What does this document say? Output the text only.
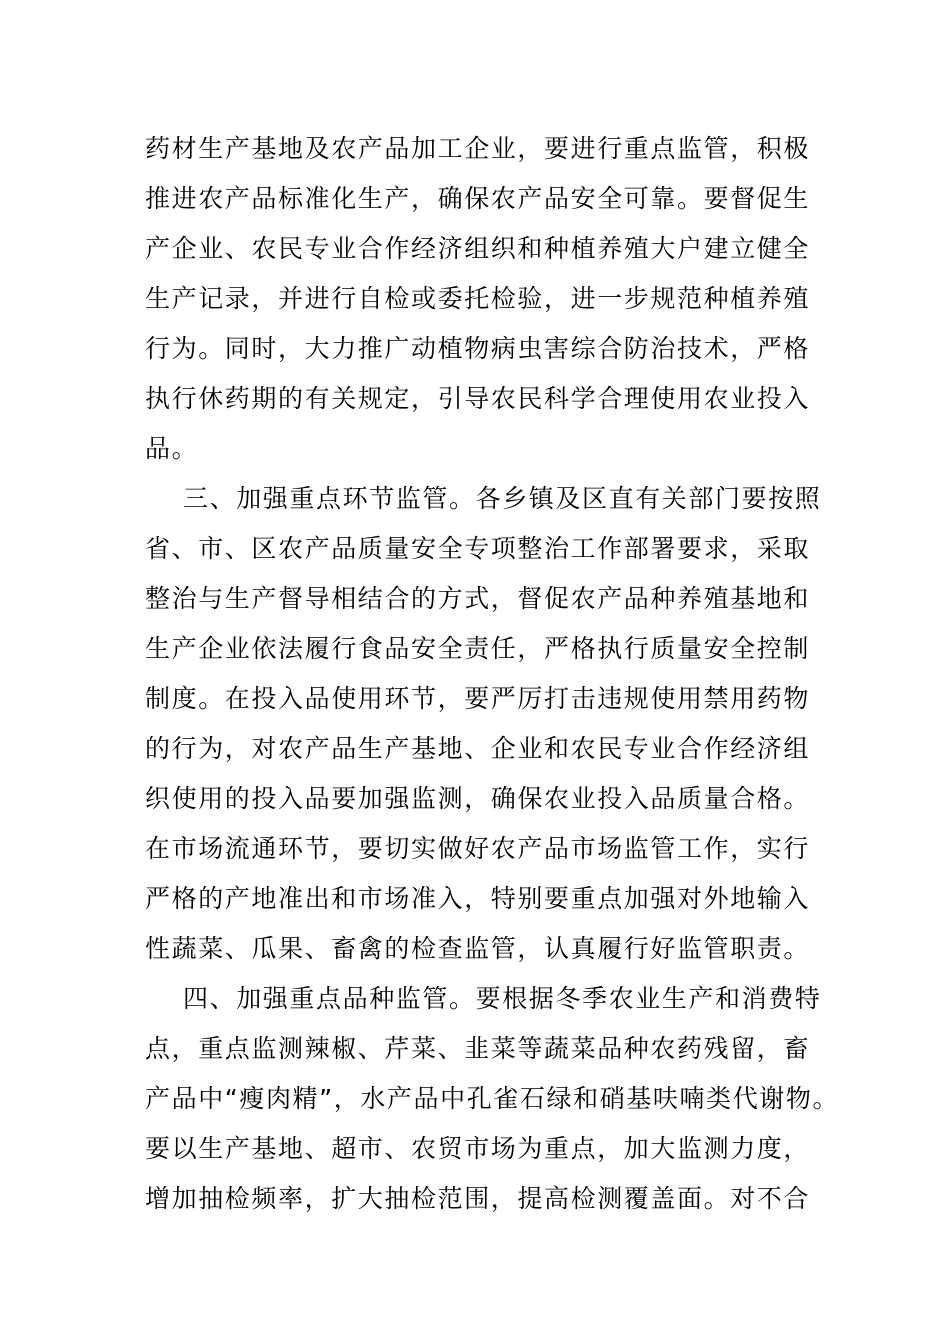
药材生产基地及农产品加工企业，要进行重点监管，积极
推进农产品标准化生产，确保农产品安全可靠。要督促生
产企业、农民专业合作经济组织和种植养殖大户建立健全
生产记录，并进行自检或委托检验，进一步规范种植养殖
行为。同时，大力推广动植物病虫害综合防治技术，严格
执行休药期的有关规定，引导农民科学合理使用农业投入
品。
三、加强重点环节监管。各乡镇及区直有关部门要按照
省、市、区农产品质量安全专项整治工作部署要求，采取
整治与生产督导相结合的方式，督促农产品种养殖基地和
生产企业依法履行食品安全责任，严格执行质量安全控制
制度。在投入品使用环节，要严厉打击违规使用禁用药物
的行为，对农产品生产基地、企业和农民专业合作经济组
织使用的投入品要加强监测，确保农业投入品质量合格。
在市场流通环节，要切实做好农产品市场监管工作，实行
严格的产地准出和市场准入，特别要重点加强对外地输入
性蔬菜、瓜果、畜禽的检查监管，认真履行好监管职责。
四、加强重点品种监管。要根据冬季农业生产和消费特
点，重点监测辣椒、芹菜、韭菜等蔬菜品种农药残留，畜
产品中“瘦肉精”，水产品中孔雀石绿和硝基呋喃类代谢物。
要以生产基地、超市、农贸市场为重点，加大监测力度，
增加抽检频率，扩大抽检范围，提高检测覆盖面。对不合
